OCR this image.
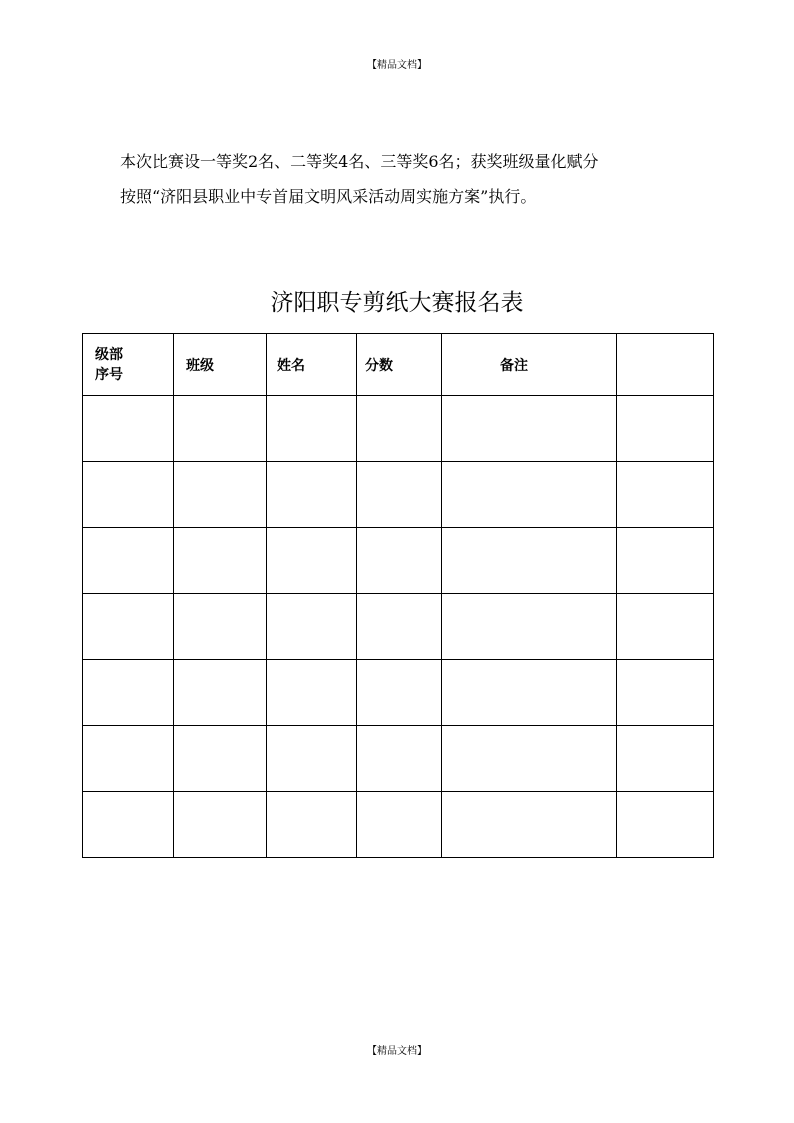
【精品文档】

本次比赛设一等奖2名、二等奖4名、三等奖6名；获奖班级量化赋分

按照“济阳县职业中专首届文明风采活动周实施方案”执行。

济阳职专剪纸大赛报名表
级部
序号	班级	姓名	分数	备注	

【精品文档】
